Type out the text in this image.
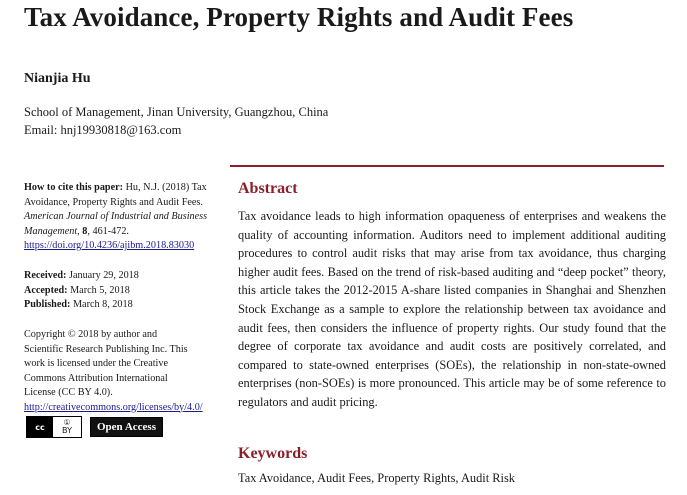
Tax Avoidance, Property Rights and Audit Fees
Nianjia Hu
School of Management, Jinan University, Guangzhou, China
Email: hnj19930818@163.com
How to cite this paper: Hu, N.J. (2018) Tax Avoidance, Property Rights and Audit Fees. American Journal of Industrial and Business Management, 8, 461-472.
https://doi.org/10.4236/ajibm.2018.83030
Received: January 29, 2018
Accepted: March 5, 2018
Published: March 8, 2018
Copyright © 2018 by author and Scientific Research Publishing Inc. This work is licensed under the Creative Commons Attribution International License (CC BY 4.0).
http://creativecommons.org/licenses/by/4.0/
cc	①
BY	Open Access
Abstract
Tax avoidance leads to high information opaqueness of enterprises and weakens the quality of accounting information. Auditors need to implement additional auditing procedures to control audit risks that may arise from tax avoidance, thus charging higher audit fees. Based on the trend of risk-based auditing and “deep pocket” theory, this article takes the 2012-2015 A-share listed companies in Shanghai and Shenzhen Stock Exchange as a sample to explore the relationship between tax avoidance and audit fees, then considers the influence of property rights. Our study found that the degree of corporate tax avoidance and audit costs are positively correlated, and compared to state-owned enterprises (SOEs), the relationship in non-state-owned enterprises (non-SOEs) is more pronounced. This article may be of some reference to regulators and audit pricing.
Keywords
Tax Avoidance, Audit Fees, Property Rights, Audit Risk
